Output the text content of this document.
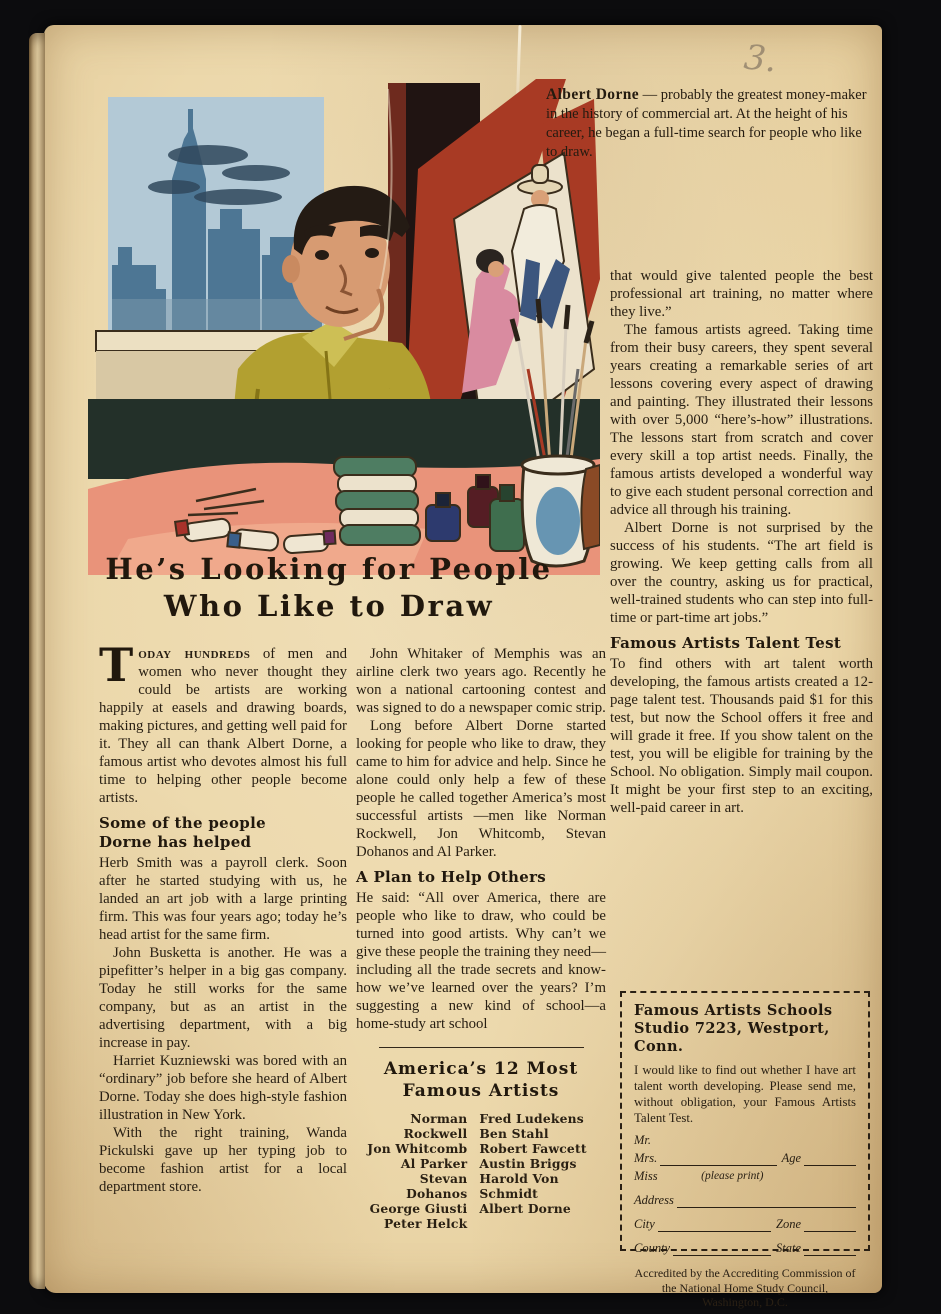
3.

Albert Dorne — probably the greatest money-maker in the history of commercial art. At the height of his career, he began a full-time search for people who like to draw.

He’s Looking for People
Who Like to Draw

Today hundreds of men and women who never thought they could be artists are working happily at easels and drawing boards, making pictures, and getting well paid for it. They all can thank Albert Dorne, a famous artist who devotes almost his full time to helping other people become artists.

Some of the people
Dorne has helped

Herb Smith was a payroll clerk. Soon after he started studying with us, he landed an art job with a large printing firm. This was four years ago; today he’s head artist for the same firm.

John Busketta is another. He was a pipefitter’s helper in a big gas company. Today he still works for the same company, but as an artist in the advertising department, with a big increase in pay.

Harriet Kuzniewski was bored with an “ordinary” job before she heard of Albert Dorne. Today she does high-style fashion illustration in New York.

With the right training, Wanda Pickulski gave up her typing job to become fashion artist for a local department store.

John Whitaker of Memphis was an airline clerk two years ago. Recently he won a national cartooning contest and was signed to do a newspaper comic strip.

Long before Albert Dorne started looking for people who like to draw, they came to him for advice and help. Since he alone could only help a few of these people he called together America’s most successful artists —men like Norman Rockwell, Jon Whitcomb, Stevan Dohanos and Al Parker.

A Plan to Help Others

He said: “All over America, there are people who like to draw, who could be turned into good artists. Why can’t we give these people the training they need—including all the trade secrets and know-how we’ve learned over the years? I’m suggesting a new kind of school—a home-study art school

America’s 12 Most
Famous Artists
Norman Rockwell
Jon Whitcomb
Al Parker
Stevan Dohanos
George Giusti
Peter Helck
Fred Ludekens
Ben Stahl
Robert Fawcett
Austin Briggs
Harold Von Schmidt
Albert Dorne

that would give talented people the best professional art training, no matter where they live.”

The famous artists agreed. Taking time from their busy careers, they spent several years creating a remarkable series of art lessons covering every aspect of drawing and painting. They illustrated their lessons with over 5,000 “here’s-how” illustrations. The lessons start from scratch and cover every skill a top artist needs. Finally, the famous artists developed a wonderful way to give each student personal correction and advice all through his training.

Albert Dorne is not surprised by the success of his students. “The art field is growing. We keep getting calls from all over the country, asking us for practical, well-trained students who can step into full-time or part-time art jobs.”

Famous Artists Talent Test

To find others with art talent worth developing, the famous artists created a 12-page talent test. Thousands paid $1 for this test, but now the School offers it free and will grade it free. If you show talent on the test, you will be eligible for training by the School. No obligation. Simply mail coupon. It might be your first step to an exciting, well-paid career in art.

Famous Artists Schools
Studio 7223, Westport, Conn.

I would like to find out whether I have art talent worth developing. Please send me, without obligation, your Famous Artists Talent Test.

Mr.
Mrs.	Age
Miss	(please print)
Address
City	Zone
County	State

Accredited by the Accrediting Commission of the National Home Study Council, Washington, D.C.
